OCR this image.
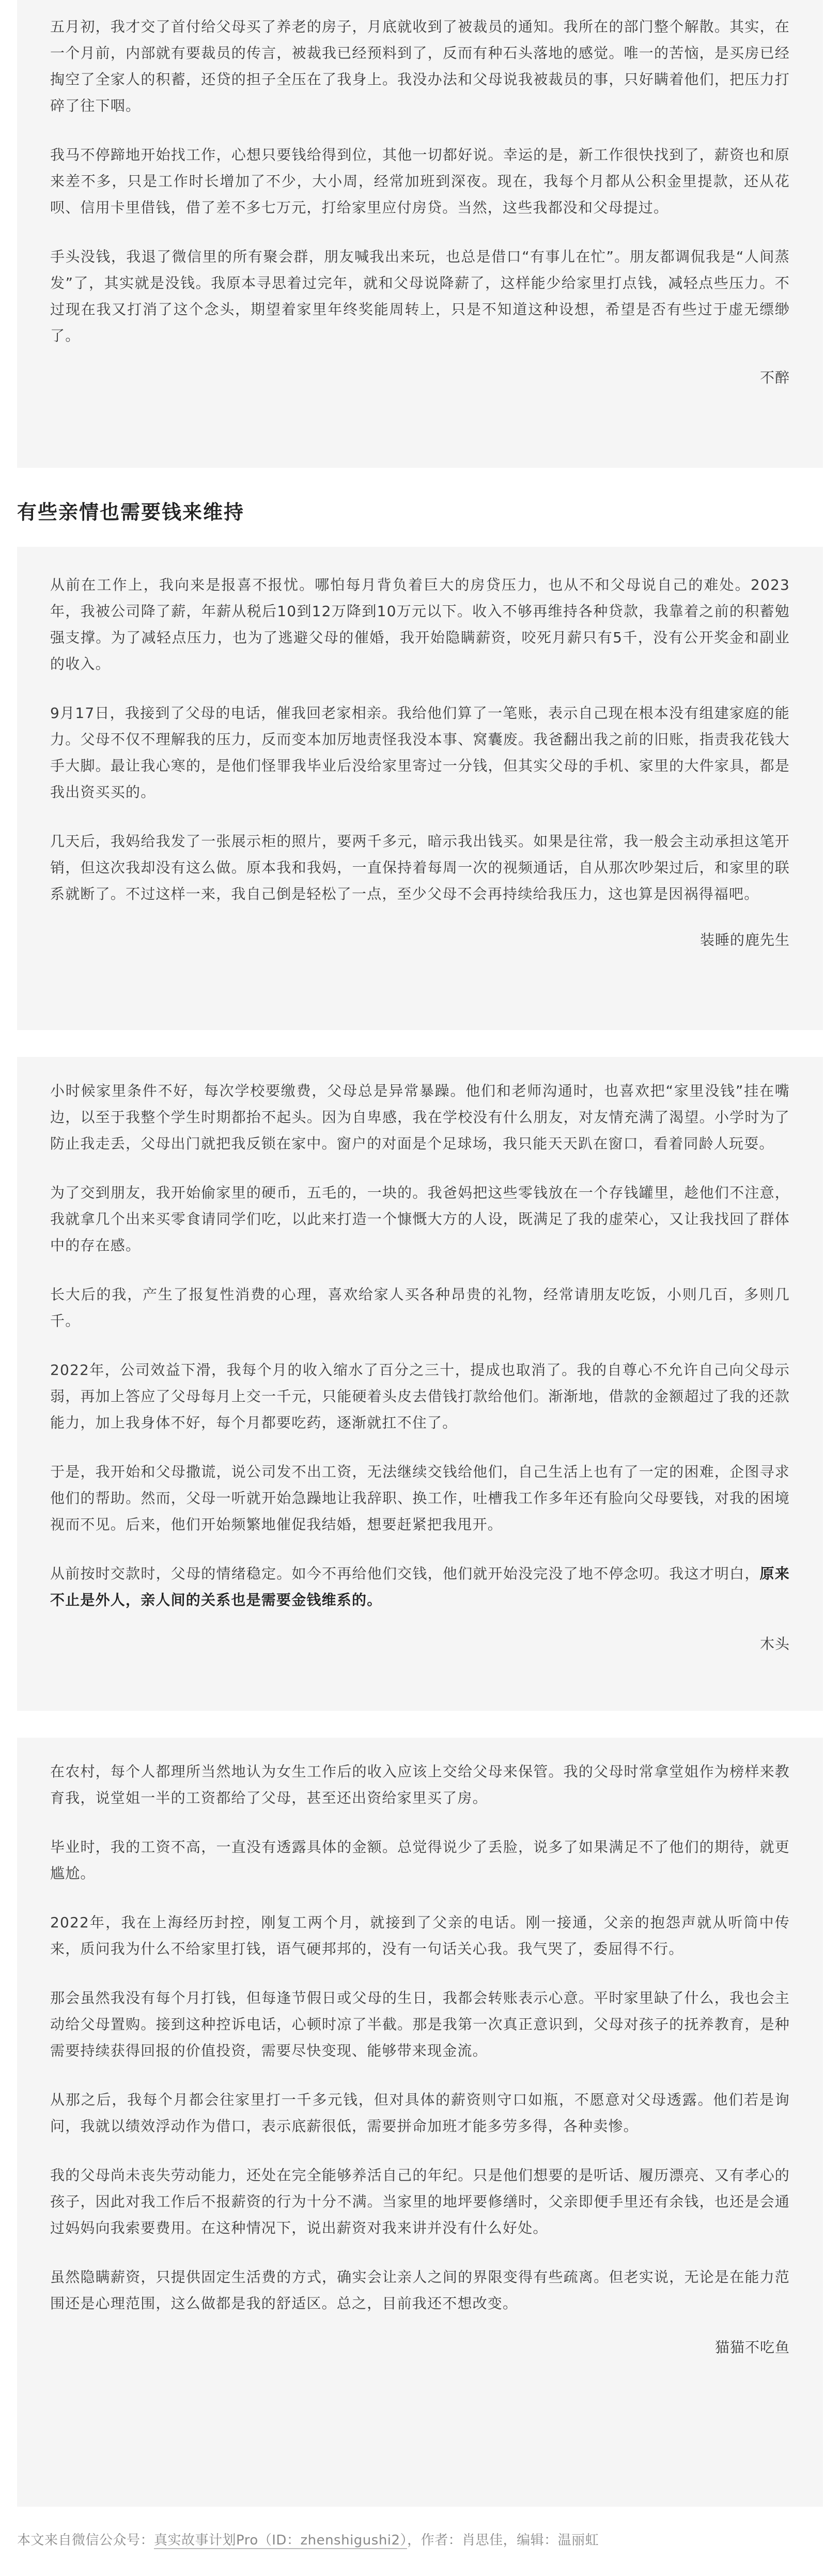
五月初，我才交了首付给父母买了养老的房子，月底就收到了被裁员的通知。我所在的部门整个解散。其实，在一个月前，内部就有要裁员的传言，被裁我已经预料到了，反而有种石头落地的感觉。唯一的苦恼，是买房已经掏空了全家人的积蓄，还贷的担子全压在了我身上。我没办法和父母说我被裁员的事，只好瞒着他们，把压力打碎了往下咽。

我马不停蹄地开始找工作，心想只要钱给得到位，其他一切都好说。幸运的是，新工作很快找到了，薪资也和原来差不多，只是工作时长增加了不少，大小周，经常加班到深夜。现在，我每个月都从公积金里提款，还从花呗、信用卡里借钱，借了差不多七万元，打给家里应付房贷。当然，这些我都没和父母提过。

手头没钱，我退了微信里的所有聚会群，朋友喊我出来玩，也总是借口“有事儿在忙”。朋友都调侃我是“人间蒸发”了，其实就是没钱。我原本寻思着过完年，就和父母说降薪了，这样能少给家里打点钱，减轻点些压力。不过现在我又打消了这个念头，期望着家里年终奖能周转上，只是不知道这种设想，希望是否有些过于虚无缥缈了。

不醉
有些亲情也需要钱来维持

从前在工作上，我向来是报喜不报忧。哪怕每月背负着巨大的房贷压力，也从不和父母说自己的难处。2023年，我被公司降了薪，年薪从税后10到12万降到10万元以下。收入不够再维持各种贷款，我靠着之前的积蓄勉强支撑。为了减轻点压力，也为了逃避父母的催婚，我开始隐瞒薪资，咬死月薪只有5千，没有公开奖金和副业的收入。

9月17日，我接到了父母的电话，催我回老家相亲。我给他们算了一笔账，表示自己现在根本没有组建家庭的能力。父母不仅不理解我的压力，反而变本加厉地责怪我没本事、窝囊废。我爸翻出我之前的旧账，指责我花钱大手大脚。最让我心寒的，是他们怪罪我毕业后没给家里寄过一分钱，但其实父母的手机、家里的大件家具，都是我出资买买的。

几天后，我妈给我发了一张展示柜的照片，要两千多元，暗示我出钱买。如果是往常，我一般会主动承担这笔开销，但这次我却没有这么做。原本我和我妈，一直保持着每周一次的视频通话，自从那次吵架过后，和家里的联系就断了。不过这样一来，我自己倒是轻松了一点，至少父母不会再持续给我压力，这也算是因祸得福吧。

装睡的鹿先生

小时候家里条件不好，每次学校要缴费，父母总是异常暴躁。他们和老师沟通时，也喜欢把“家里没钱”挂在嘴边，以至于我整个学生时期都抬不起头。因为自卑感，我在学校没有什么朋友，对友情充满了渴望。小学时为了防止我走丢，父母出门就把我反锁在家中。窗户的对面是个足球场，我只能天天趴在窗口，看着同龄人玩耍。

为了交到朋友，我开始偷家里的硬币，五毛的，一块的。我爸妈把这些零钱放在一个存钱罐里，趁他们不注意，我就拿几个出来买零食请同学们吃，以此来打造一个慷慨大方的人设，既满足了我的虚荣心，又让我找回了群体中的存在感。

长大后的我，产生了报复性消费的心理，喜欢给家人买各种昂贵的礼物，经常请朋友吃饭，小则几百，多则几千。

2022年，公司效益下滑，我每个月的收入缩水了百分之三十，提成也取消了。我的自尊心不允许自己向父母示弱，再加上答应了父母每月上交一千元，只能硬着头皮去借钱打款给他们。渐渐地，借款的金额超过了我的还款能力，加上我身体不好，每个月都要吃药，逐渐就扛不住了。

于是，我开始和父母撒谎，说公司发不出工资，无法继续交钱给他们，自己生活上也有了一定的困难，企图寻求他们的帮助。然而，父母一听就开始急躁地让我辞职、换工作，吐槽我工作多年还有脸向父母要钱，对我的困境视而不见。后来，他们开始频繁地催促我结婚，想要赶紧把我甩开。

从前按时交款时，父母的情绪稳定。如今不再给他们交钱，他们就开始没完没了地不停念叨。我这才明白，原来不止是外人，亲人间的关系也是需要金钱维系的。

木头

在农村，每个人都理所当然地认为女生工作后的收入应该上交给父母来保管。我的父母时常拿堂姐作为榜样来教育我，说堂姐一半的工资都给了父母，甚至还出资给家里买了房。

毕业时，我的工资不高，一直没有透露具体的金额。总觉得说少了丢脸，说多了如果满足不了他们的期待，就更尴尬。

2022年，我在上海经历封控，刚复工两个月，就接到了父亲的电话。刚一接通，父亲的抱怨声就从听筒中传来，质问我为什么不给家里打钱，语气硬邦邦的，没有一句话关心我。我气哭了，委屈得不行。

那会虽然我没有每个月打钱，但每逢节假日或父母的生日，我都会转账表示心意。平时家里缺了什么，我也会主动给父母置购。接到这种控诉电话，心顿时凉了半截。那是我第一次真正意识到，父母对孩子的抚养教育，是种需要持续获得回报的价值投资，需要尽快变现、能够带来现金流。

从那之后，我每个月都会往家里打一千多元钱，但对具体的薪资则守口如瓶，不愿意对父母透露。他们若是询问，我就以绩效浮动作为借口，表示底薪很低，需要拼命加班才能多劳多得，各种卖惨。

我的父母尚未丧失劳动能力，还处在完全能够养活自己的年纪。只是他们想要的是听话、履历漂亮、又有孝心的孩子，因此对我工作后不报薪资的行为十分不满。当家里的地坪要修缮时，父亲即便手里还有余钱，也还是会通过妈妈向我索要费用。在这种情况下，说出薪资对我来讲并没有什么好处。

虽然隐瞒薪资，只提供固定生活费的方式，确实会让亲人之间的界限变得有些疏离。但老实说，无论是在能力范围还是心理范围，这么做都是我的舒适区。总之，目前我还不想改变。

猫猫不吃鱼
本文来自微信公众号：真实故事计划Pro（ID：zhenshigushi2），作者：肖思佳，编辑：温丽虹
